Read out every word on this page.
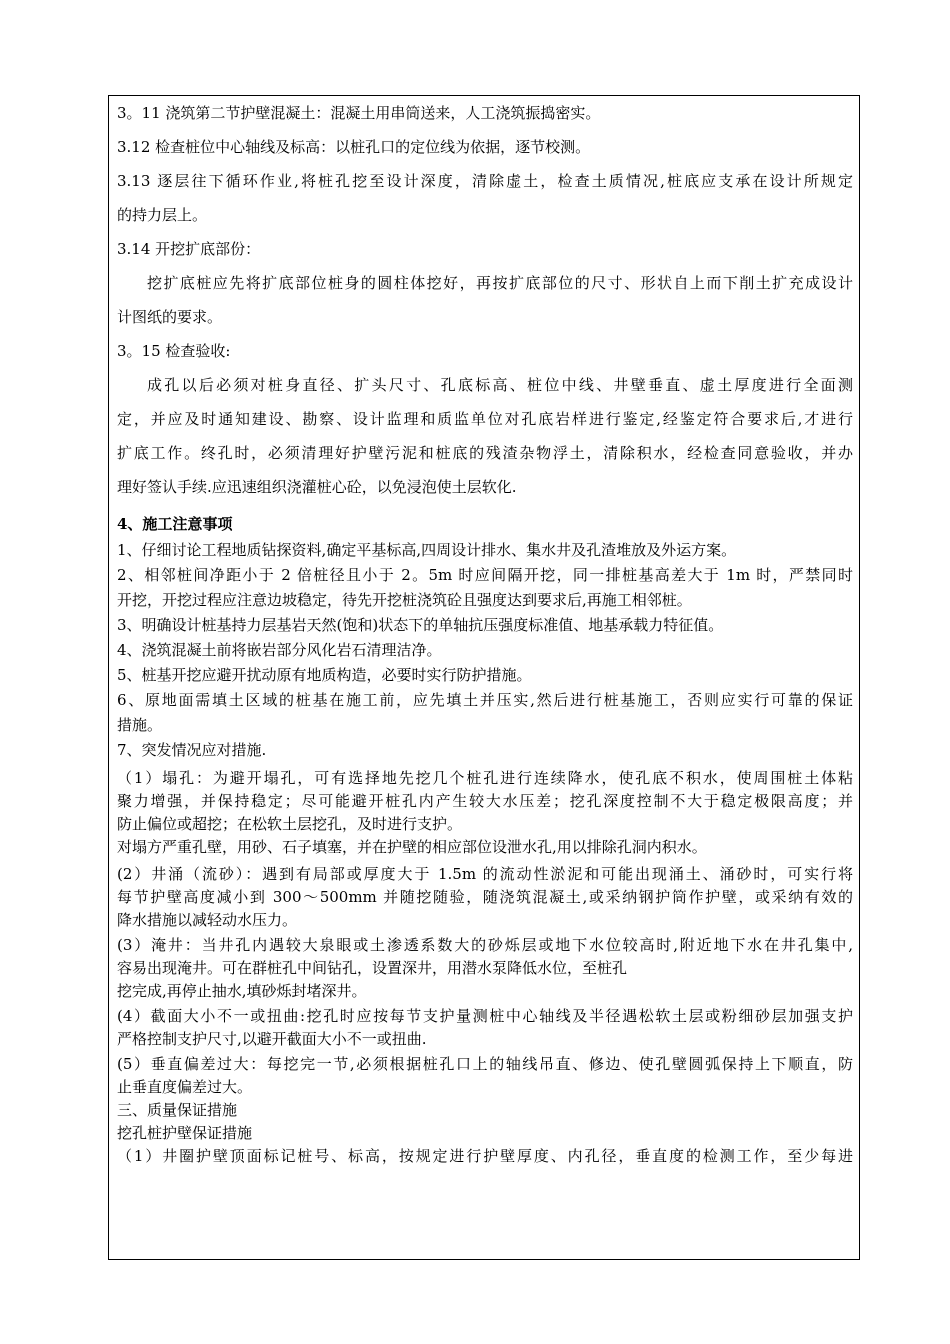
3。11 浇筑第二节护壁混凝土：混凝土用串筒送来，人工浇筑振捣密实。
3.12 检查桩位中心轴线及标高：以桩孔口的定位线为依据，逐节校测。
3.13 逐层往下循环作业,将桩孔挖至设计深度，清除虚土，检查土质情况,桩底应支承在设计所规定
的持力层上。
3.14 开挖扩底部份：
挖扩底桩应先将扩底部位桩身的圆柱体挖好，再按扩底部位的尺寸、形状自上而下削土扩充成设计
计图纸的要求。
3。15 检查验收:
成孔以后必须对桩身直径、扩头尺寸、孔底标高、桩位中线、井壁垂直、虚土厚度进行全面测
定，并应及时通知建设、勘察、设计监理和质监单位对孔底岩样进行鉴定,经鉴定符合要求后,才进行
扩底工作。终孔时，必须清理好护壁污泥和桩底的残渣杂物浮土，清除积水，经检查同意验收，并办
理好签认手续.应迅速组织浇灌桩心砼，以免浸泡使土层软化.
4、施工注意事项
1、仔细讨论工程地质钻探资料,确定平基标高,四周设计排水、集水井及孔渣堆放及外运方案。
2、相邻桩间净距小于 2 倍桩径且小于 2。5m 时应间隔开挖，同一排桩基高差大于 1m 时，严禁同时
开挖，开挖过程应注意边坡稳定，待先开挖桩浇筑砼且强度达到要求后,再施工相邻桩。
3、明确设计桩基持力层基岩天然(饱和)状态下的单轴抗压强度标准值、地基承载力特征值。
4、浇筑混凝土前将嵌岩部分风化岩石清理洁净。
5、桩基开挖应避开扰动原有地质构造，必要时实行防护措施。
6、原地面需填土区域的桩基在施工前，应先填土并压实,然后进行桩基施工，否则应实行可靠的保证
措施。
7、突发情况应对措施.
（1）塌孔：为避开塌孔，可有选择地先挖几个桩孔进行连续降水，使孔底不积水，使周围桩土体粘
聚力增强，并保持稳定；尽可能避开桩孔内产生较大水压差；挖孔深度控制不大于稳定极限高度；并
防止偏位或超挖；在松软土层挖孔，及时进行支护。
对塌方严重孔壁，用砂、石子填塞，并在护壁的相应部位设泄水孔,用以排除孔洞内积水。
(2）井涌（流砂）：遇到有局部或厚度大于 1.5m 的流动性淤泥和可能出现涌土、涌砂时，可实行将
每节护壁高度减小到 300～500mm 并随挖随验，随浇筑混凝土,或采纳钢护筒作护壁，或采纳有效的
降水措施以减轻动水压力。
(3）淹井：当井孔内遇较大泉眼或土渗透系数大的砂烁层或地下水位较高时,附近地下水在井孔集中,
容易出现淹井。可在群桩孔中间钻孔，设置深井，用潜水泵降低水位，至桩孔
挖完成,再停止抽水,填砂烁封堵深井。
(4）截面大小不一或扭曲:挖孔时应按每节支护量测桩中心轴线及半径遇松软土层或粉细砂层加强支护
严格控制支护尺寸,以避开截面大小不一或扭曲.
(5）垂直偏差过大：每挖完一节,必须根据桩孔口上的轴线吊直、修边、使孔壁圆弧保持上下顺直，防
止垂直度偏差过大。
三、质量保证措施
挖孔桩护壁保证措施
（1）井圈护壁顶面标记桩号、标高，按规定进行护壁厚度、内孔径，垂直度的检测工作，至少每进
